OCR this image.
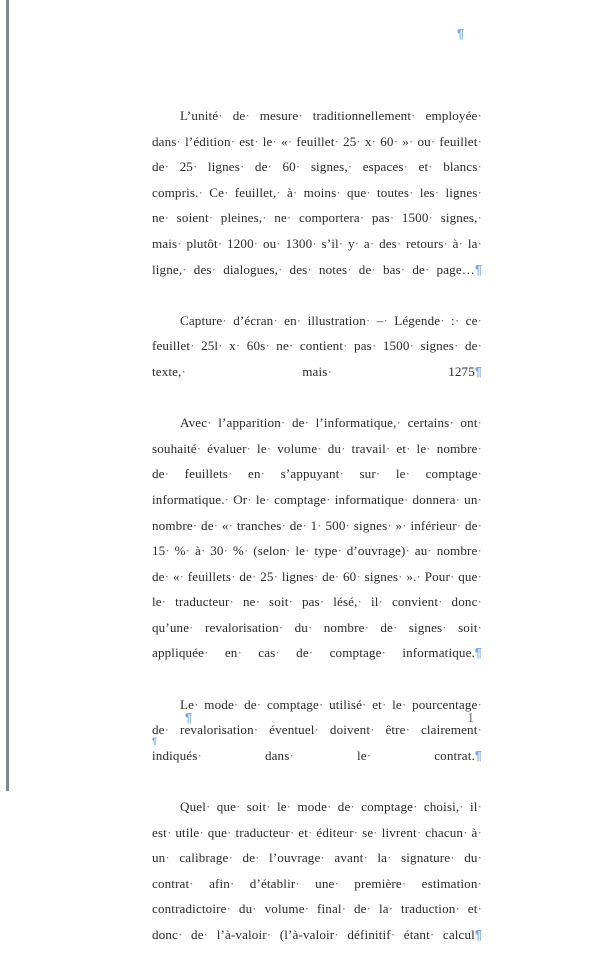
¶

L’unité· de· mesure· traditionnellement· employée· dans· l’édition· est· le· «· feuillet· 25· x· 60· »· ou· feuillet· de· 25· lignes· de· 60· signes,· espaces· et· blancs· compris.· Ce· feuillet,· à· moins· que· toutes· les· lignes· ne· soient· pleines,· ne· comportera· pas· 1500· signes,· mais· plutôt· 1200· ou· 1300· s’il· y· a· des· retours· à· la· ligne,· des· dialogues,· des· notes· de· bas· de· page…¶

Capture· d’écran· en· illustration· –· Légende· :· ce· feuillet· 25l· x· 60s· ne· contient· pas· 1500· signes· de· texte,·	mais·	1275¶

Avec· l’apparition· de· l’informatique,· certains· ont· souhaité· évaluer· le· volume· du· travail· et· le· nombre· de· feuillets· en· s’appuyant· sur· le· comptage· informatique.· Or· le· comptage· informatique· donnera· un· nombre· de· «· tranches· de· 1· 500· signes· »· inférieur· de· 15· %· à· 30· %· (selon· le· type· d’ouvrage)· au· nombre· de· «· feuillets· de· 25· lignes· de· 60· signes· ».· Pour· que· le· traducteur· ne· soit· pas· lésé,· il· convient· donc· qu’une· revalorisation· du· nombre· de· signes· soit· appliquée· en· cas· de· comptage· informatique.¶

Le· mode· de· comptage· utilisé· et· le· pourcentage· de· revalorisation· éventuel· doivent· être· clairement· indiqués·	dans·	le·	contrat.¶

Quel· que· soit· le· mode· de· comptage· choisi,· il· est· utile· que· traducteur· et· éditeur· se· livrent· chacun· à· un· calibrage· de· l’ouvrage· avant· la· signature· du· contrat· afin· d’établir· une· première· estimation· contradictoire· du· volume· final· de· la· traduction· et· donc· de· l’à-valoir· (l’à-valoir· définitif· étant· calcul¶

¶	1
¶
